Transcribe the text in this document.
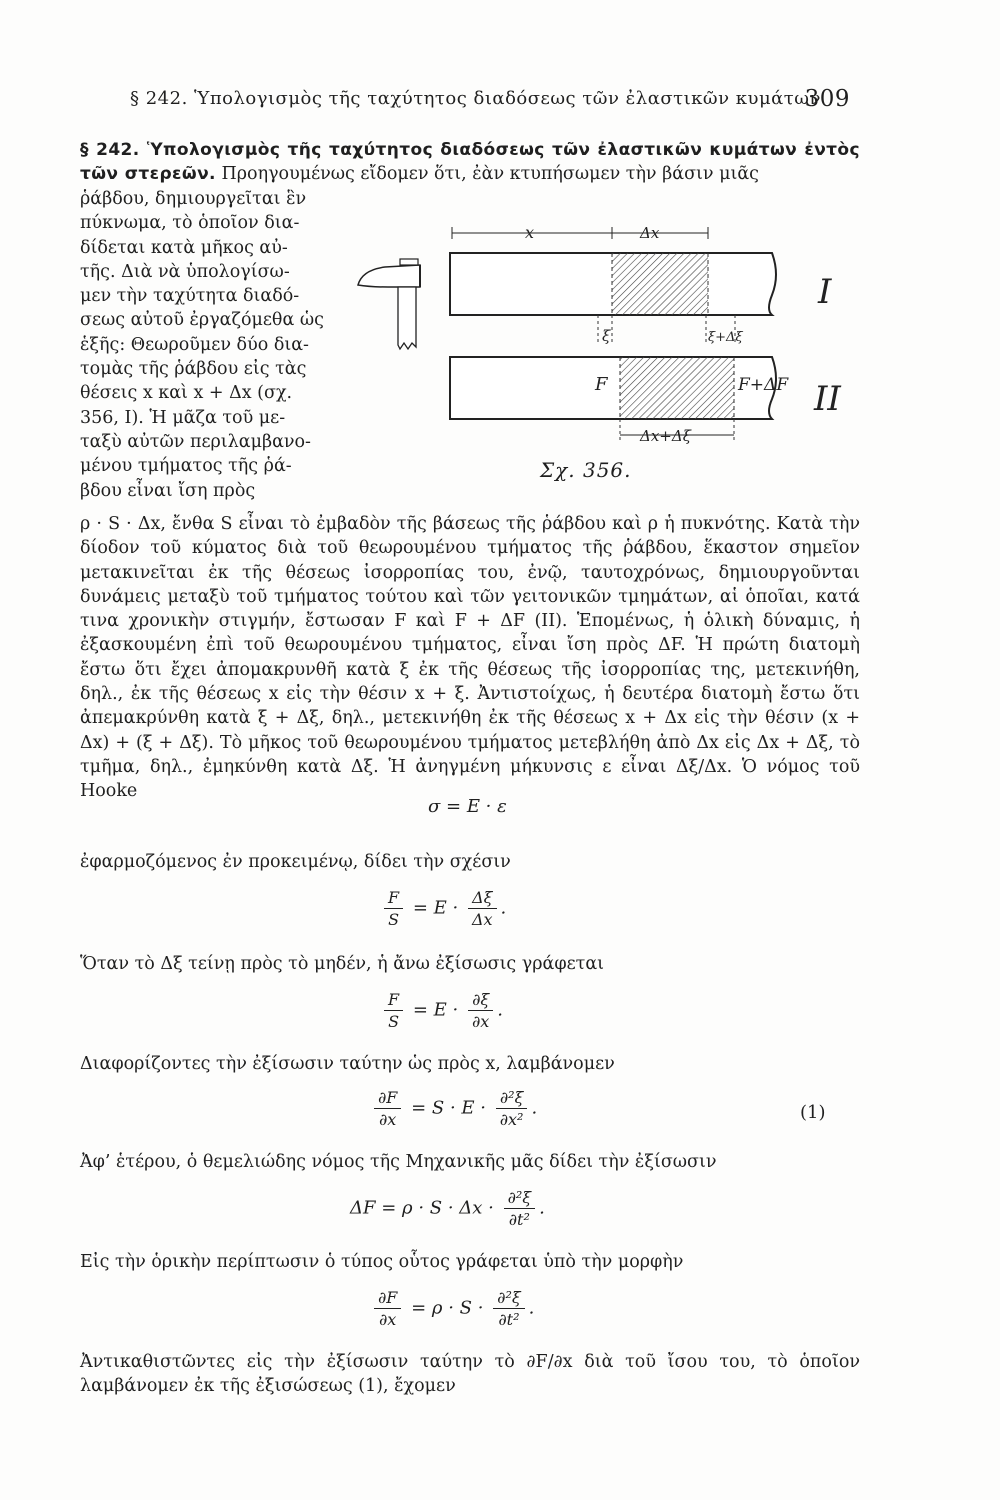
§ 242. Ὑπολογισμὸς τῆς ταχύτητος διαδόσεως τῶν ἐλαστικῶν κυμάτων
309

§ 242. Ὑπολογισμὸς τῆς ταχύτητος διαδόσεως τῶν ἐλαστικῶν κυμάτων ἐντὸς τῶν στερεῶν. Προηγουμένως εἴδομεν ὅτι, ἐὰν κτυπήσωμεν τὴν βάσιν μιᾶς

ῥάβδου, δημιουργεῖται ἓν
πύκνωμα, τὸ ὁποῖον δια-
δίδεται κατὰ μῆκος αὐ-
τῆς. Διὰ νὰ ὑπολογίσω-
μεν τὴν ταχύτητα διαδό-
σεως αὐτοῦ ἐργαζόμεθα ὡς
ἑξῆς: Θεωροῦμεν δύο δια-
τομὰς τῆς ῥάβδου εἰς τὰς
θέσεις x καὶ x + Δx (σχ.
356, I). Ἡ μᾶζα τοῦ με-
ταξὺ αὐτῶν περιλαμβανο-
μένου τμήματος τῆς ῥά-
βδου εἶναι ἴση πρὸς
x	Δx
I
ξ	ξ+Δξ
F	F+ΔF II
Δx+Δξ
Σχ. 356.

ρ · S · Δx, ἔνθα S εἶναι τὸ ἐμβαδὸν τῆς βάσεως τῆς ῥάβδου καὶ ρ ἡ πυκνότης. Κατὰ τὴν δίοδον τοῦ κύματος διὰ τοῦ θεωρουμένου τμήματος τῆς ῥάβδου, ἕκαστον σημεῖον μετακινεῖται ἐκ τῆς θέσεως ἰσορροπίας του, ἐνῷ, ταυτοχρόνως, δημιουργοῦνται δυνάμεις μεταξὺ τοῦ τμήματος τούτου καὶ τῶν γειτονικῶν τμημάτων, αἱ ὁποῖαι, κατά τινα χρονικὴν στιγμήν, ἔστωσαν F καὶ F + ΔF (II). Ἑπομένως, ἡ ὁλικὴ δύναμις, ἡ ἐξασκουμένη ἐπὶ τοῦ θεωρουμένου τμήματος, εἶναι ἴση πρὸς ΔF. Ἡ πρώτη διατομὴ ἔστω ὅτι ἔχει ἀπομακρυνθῆ κατὰ ξ ἐκ τῆς θέσεως τῆς ἰσορροπίας της, μετεκινήθη, δηλ., ἐκ τῆς θέσεως x εἰς τὴν θέσιν x + ξ. Ἀντιστοίχως, ἡ δευτέρα διατομὴ ἔστω ὅτι ἀπεμακρύνθη κατὰ ξ + Δξ, δηλ., μετεκινήθη ἐκ τῆς θέσεως x + Δx εἰς τὴν θέσιν (x + Δx) + (ξ + Δξ). Τὸ μῆκος τοῦ θεωρουμένου τμήματος μετεβλήθη ἀπὸ Δx εἰς Δx + Δξ, τὸ τμῆμα, δηλ., ἐμηκύνθη κατὰ Δξ. Ἡ ἀνηγμένη μήκυνσις ε εἶναι Δξ/Δx. Ὁ νόμος τοῦ Hooke

σ = E · ε

ἐφαρμοζόμενος ἐν προκειμένῳ, δίδει τὴν σχέσιν

$\frac{F}{S} = E \cdot \frac{\Delta\xi}{\Delta x}$ .

Ὅταν τὸ Δξ τείνῃ πρὸς τὸ μηδέν, ἡ ἄνω ἐξίσωσις γράφεται

$\frac{F}{S} = E \cdot \frac{\partial\xi}{\partial x}$ .

Διαφορίζοντες τὴν ἐξίσωσιν ταύτην ὡς πρὸς x, λαμβάνομεν

$\frac{\partial F}{\partial x} = S \cdot E \cdot \frac{\text{∂²ξ}}{\text{∂x²}}$ .	(1)

Ἀφ’ ἑτέρου, ὁ θεμελιώδης νόμος τῆς Μηχανικῆς μᾶς δίδει τὴν ἐξίσωσιν

$\Delta F = \rho \cdot S \cdot \Delta x \cdot \frac{\text{∂²ξ}}{\text{∂t²}}$ .

Εἰς τὴν ὁρικὴν περίπτωσιν ὁ τύπος οὗτος γράφεται ὑπὸ τὴν μορφὴν

$\frac{\partial F}{\partial x} = \rho \cdot S \cdot \frac{\text{∂²ξ}}{\text{∂t²}}$ .

Ἀντικαθιστῶντες εἰς τὴν ἐξίσωσιν ταύτην τὸ ∂F/∂x διὰ τοῦ ἴσου του, τὸ ὁποῖον λαμβάνομεν ἐκ τῆς ἐξισώσεως (1), ἔχομεν
